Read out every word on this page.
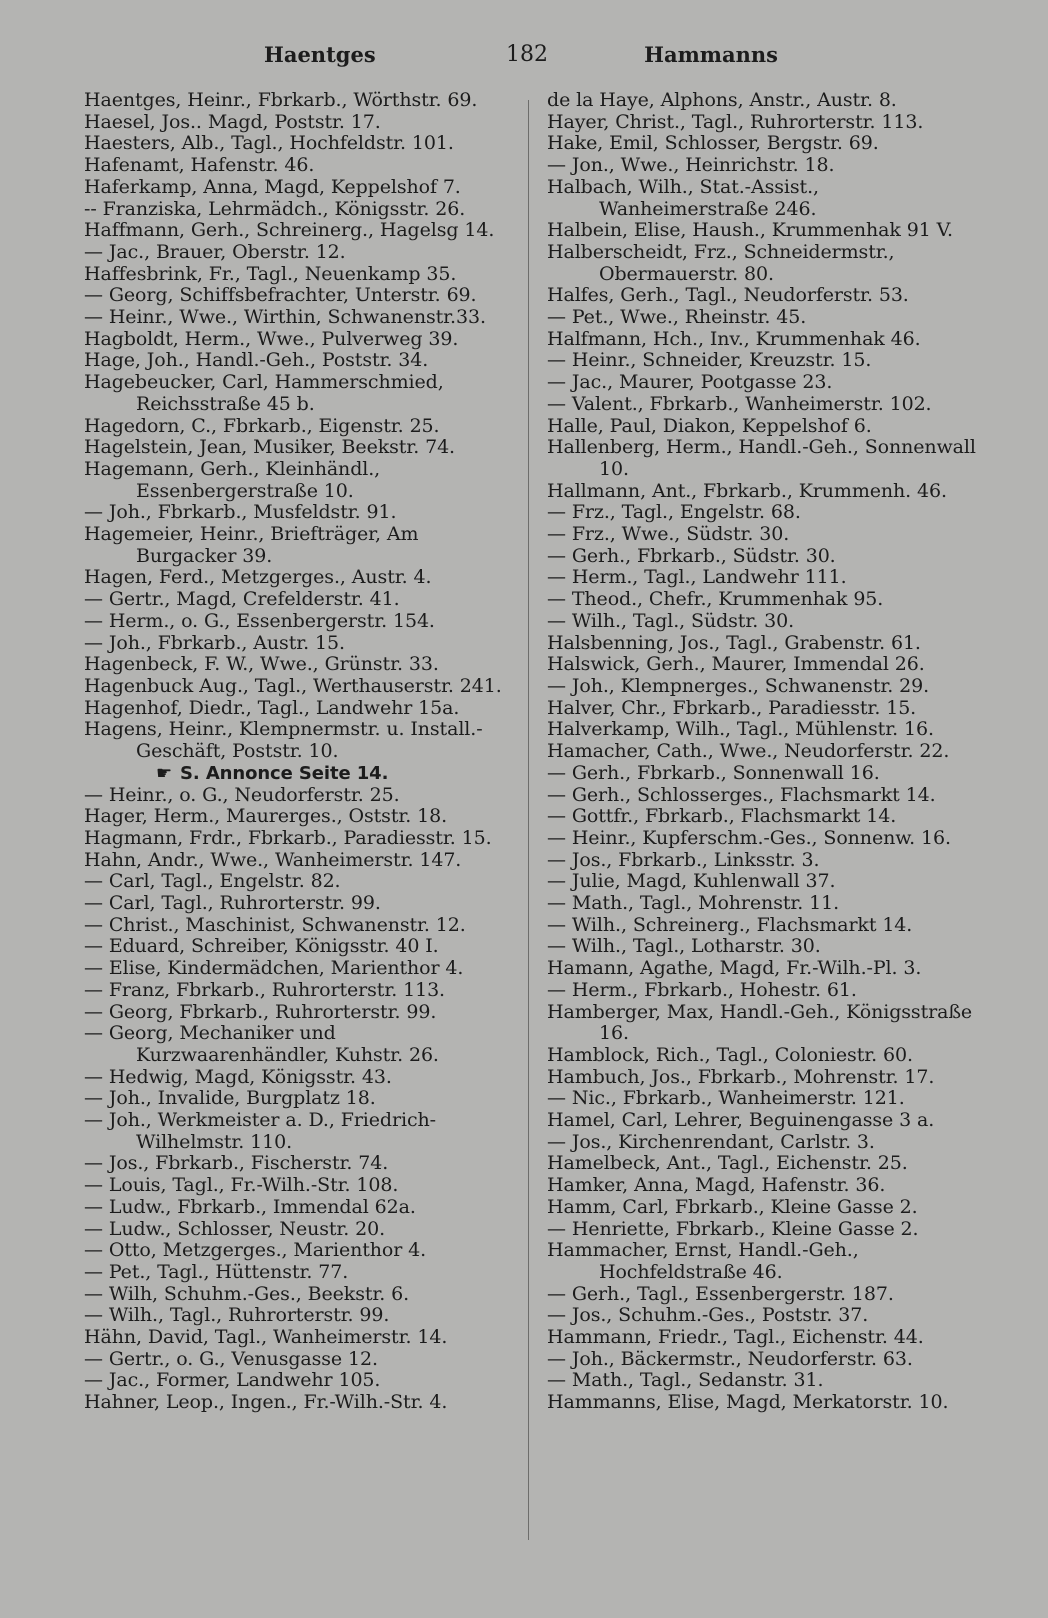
Haentges	182	Hammanns
Haentges, Heinr., Fbrkarb., Wörthstr. 69.
Haesel, Jos.. Magd, Poststr. 17.
Haesters, Alb., Tagl., Hochfeldstr. 101.
Hafenamt, Hafenstr. 46.
Haferkamp, Anna, Magd, Keppelshof 7.
-- Franziska, Lehrmädch., Königsstr. 26.
Haffmann, Gerh., Schreinerg., Hagelsg 14.
— Jac., Brauer, Oberstr. 12.
Haffesbrink, Fr., Tagl., Neuenkamp 35.
— Georg, Schiffsbefrachter, Unterstr. 69.
— Heinr., Wwe., Wirthin, Schwanenstr.33.
Hagboldt, Herm., Wwe., Pulverweg 39.
Hage, Joh., Handl.-Geh., Poststr. 34.
Hagebeucker, Carl, Hammerschmied, Reichsstraße 45 b.
Hagedorn, C., Fbrkarb., Eigenstr. 25.
Hagelstein, Jean, Musiker, Beekstr. 74.
Hagemann, Gerh., Kleinhändl., Essenbergerstraße 10.
— Joh., Fbrkarb., Musfeldstr. 91.
Hagemeier, Heinr., Briefträger, Am Burgacker 39.
Hagen, Ferd., Metzgerges., Austr. 4.
— Gertr., Magd, Crefelderstr. 41.
— Herm., o. G., Essenbergerstr. 154.
— Joh., Fbrkarb., Austr. 15.
Hagenbeck, F. W., Wwe., Grünstr. 33.
Hagenbuck Aug., Tagl., Werthauserstr. 241.
Hagenhof, Diedr., Tagl., Landwehr 15a.
Hagens, Heinr., Klempnermstr. u. Install.-Geschäft, Poststr. 10.
☛ S. Annonce Seite 14.
— Heinr., o. G., Neudorferstr. 25.
Hager, Herm., Maurerges., Oststr. 18.
Hagmann, Frdr., Fbrkarb., Paradiesstr. 15.
Hahn, Andr., Wwe., Wanheimerstr. 147.
— Carl, Tagl., Engelstr. 82.
— Carl, Tagl., Ruhrorterstr. 99.
— Christ., Maschinist, Schwanenstr. 12.
— Eduard, Schreiber, Königsstr. 40 I.
— Elise, Kindermädchen, Marienthor 4.
— Franz, Fbrkarb., Ruhrorterstr. 113.
— Georg, Fbrkarb., Ruhrorterstr. 99.
— Georg, Mechaniker und Kurzwaarenhändler, Kuhstr. 26.
— Hedwig, Magd, Königsstr. 43.
— Joh., Invalide, Burgplatz 18.
— Joh., Werkmeister a. D., Friedrich-Wilhelmstr. 110.
— Jos., Fbrkarb., Fischerstr. 74.
— Louis, Tagl., Fr.-Wilh.-Str. 108.
— Ludw., Fbrkarb., Immendal 62a.
— Ludw., Schlosser, Neustr. 20.
— Otto, Metzgerges., Marienthor 4.
— Pet., Tagl., Hüttenstr. 77.
— Wilh, Schuhm.-Ges., Beekstr. 6.
— Wilh., Tagl., Ruhrorterstr. 99.
Hähn, David, Tagl., Wanheimerstr. 14.
— Gertr., o. G., Venusgasse 12.
— Jac., Former, Landwehr 105.
Hahner, Leop., Ingen., Fr.-Wilh.-Str. 4.
de la Haye, Alphons, Anstr., Austr. 8.
Hayer, Christ., Tagl., Ruhrorterstr. 113.
Hake, Emil, Schlosser, Bergstr. 69.
— Jon., Wwe., Heinrichstr. 18.
Halbach, Wilh., Stat.-Assist., Wanheimerstraße 246.
Halbein, Elise, Haush., Krummenhak 91 V.
Halberscheidt, Frz., Schneidermstr., Obermauerstr. 80.
Halfes, Gerh., Tagl., Neudorferstr. 53.
— Pet., Wwe., Rheinstr. 45.
Halfmann, Hch., Inv., Krummenhak 46.
— Heinr., Schneider, Kreuzstr. 15.
— Jac., Maurer, Pootgasse 23.
— Valent., Fbrkarb., Wanheimerstr. 102.
Halle, Paul, Diakon, Keppelshof 6.
Hallenberg, Herm., Handl.-Geh., Sonnenwall 10.
Hallmann, Ant., Fbrkarb., Krummenh. 46.
— Frz., Tagl., Engelstr. 68.
— Frz., Wwe., Südstr. 30.
— Gerh., Fbrkarb., Südstr. 30.
— Herm., Tagl., Landwehr 111.
— Theod., Chefr., Krummenhak 95.
— Wilh., Tagl., Südstr. 30.
Halsbenning, Jos., Tagl., Grabenstr. 61.
Halswick, Gerh., Maurer, Immendal 26.
— Joh., Klempnerges., Schwanenstr. 29.
Halver, Chr., Fbrkarb., Paradiesstr. 15.
Halverkamp, Wilh., Tagl., Mühlenstr. 16.
Hamacher, Cath., Wwe., Neudorferstr. 22.
— Gerh., Fbrkarb., Sonnenwall 16.
— Gerh., Schlosserges., Flachsmarkt 14.
— Gottfr., Fbrkarb., Flachsmarkt 14.
— Heinr., Kupferschm.-Ges., Sonnenw. 16.
— Jos., Fbrkarb., Linksstr. 3.
— Julie, Magd, Kuhlenwall 37.
— Math., Tagl., Mohrenstr. 11.
— Wilh., Schreinerg., Flachsmarkt 14.
— Wilh., Tagl., Lotharstr. 30.
Hamann, Agathe, Magd, Fr.-Wilh.-Pl. 3.
— Herm., Fbrkarb., Hohestr. 61.
Hamberger, Max, Handl.-Geh., Königsstraße 16.
Hamblock, Rich., Tagl., Coloniestr. 60.
Hambuch, Jos., Fbrkarb., Mohrenstr. 17.
— Nic., Fbrkarb., Wanheimerstr. 121.
Hamel, Carl, Lehrer, Beguinengasse 3 a.
— Jos., Kirchenrendant, Carlstr. 3.
Hamelbeck, Ant., Tagl., Eichenstr. 25.
Hamker, Anna, Magd, Hafenstr. 36.
Hamm, Carl, Fbrkarb., Kleine Gasse 2.
— Henriette, Fbrkarb., Kleine Gasse 2.
Hammacher, Ernst, Handl.-Geh., Hochfeldstraße 46.
— Gerh., Tagl., Essenbergerstr. 187.
— Jos., Schuhm.-Ges., Poststr. 37.
Hammann, Friedr., Tagl., Eichenstr. 44.
— Joh., Bäckermstr., Neudorferstr. 63.
— Math., Tagl., Sedanstr. 31.
Hammanns, Elise, Magd, Merkatorstr. 10.
